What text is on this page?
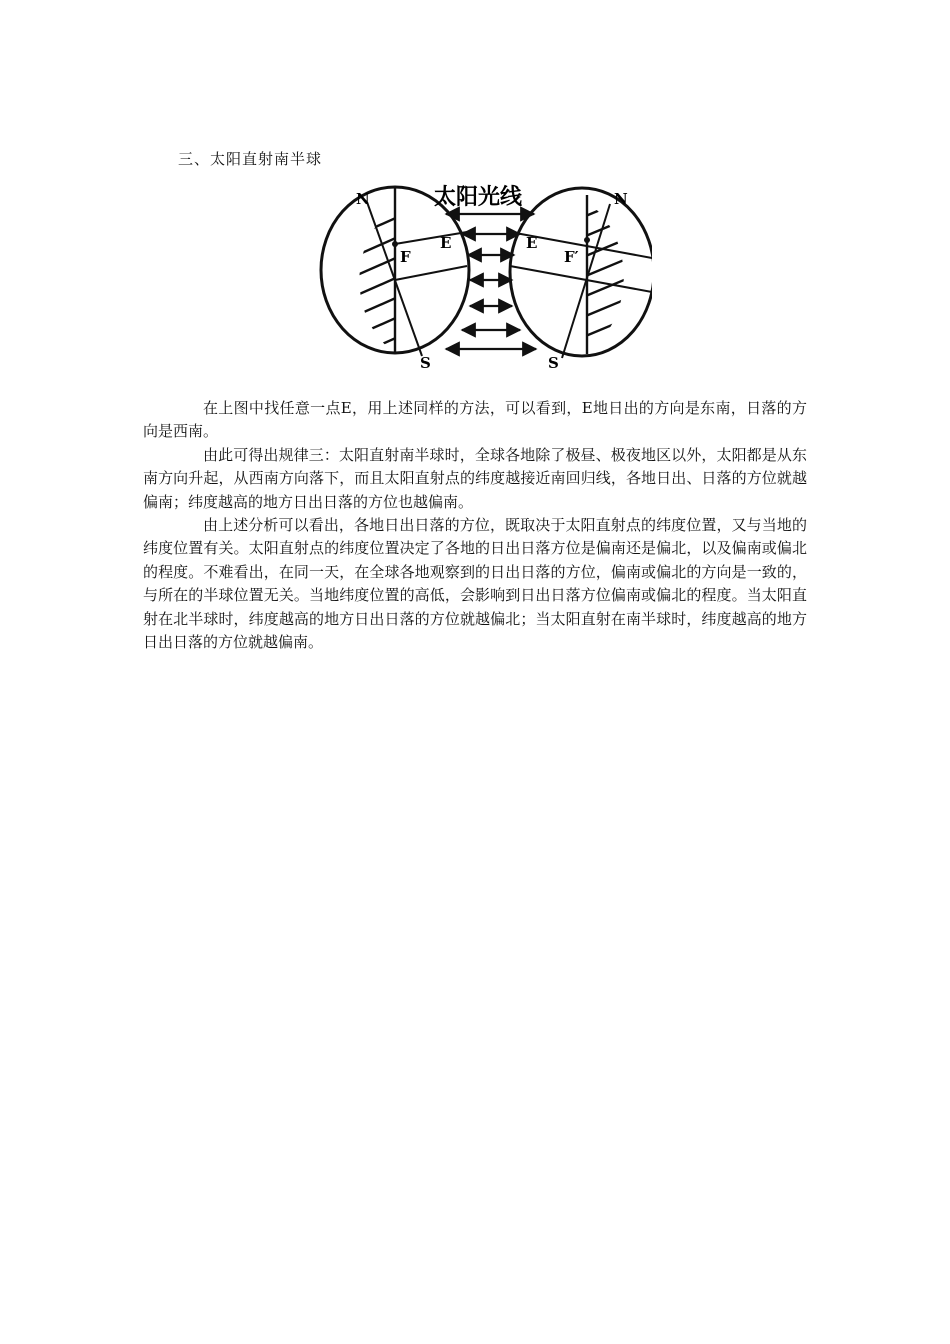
三、太阳直射南半球
N
S
E
F
N
S
E
F′
太阳光线

在上图中找任意一点E，用上述同样的方法，可以看到，E地日出的方向是东南，日落的方向是西南。

由此可得出规律三：太阳直射南半球时，全球各地除了极昼、极夜地区以外，太阳都是从东南方向升起，从西南方向落下，而且太阳直射点的纬度越接近南回归线，各地日出、日落的方位就越偏南；纬度越高的地方日出日落的方位也越偏南。

由上述分析可以看出，各地日出日落的方位，既取决于太阳直射点的纬度位置，又与当地的纬度位置有关。太阳直射点的纬度位置决定了各地的日出日落方位是偏南还是偏北，以及偏南或偏北的程度。不难看出，在同一天，在全球各地观察到的日出日落的方位，偏南或偏北的方向是一致的，与所在的半球位置无关。当地纬度位置的高低，会影响到日出日落方位偏南或偏北的程度。当太阳直射在北半球时，纬度越高的地方日出日落的方位就越偏北；当太阳直射在南半球时，纬度越高的地方日出日落的方位就越偏南。
